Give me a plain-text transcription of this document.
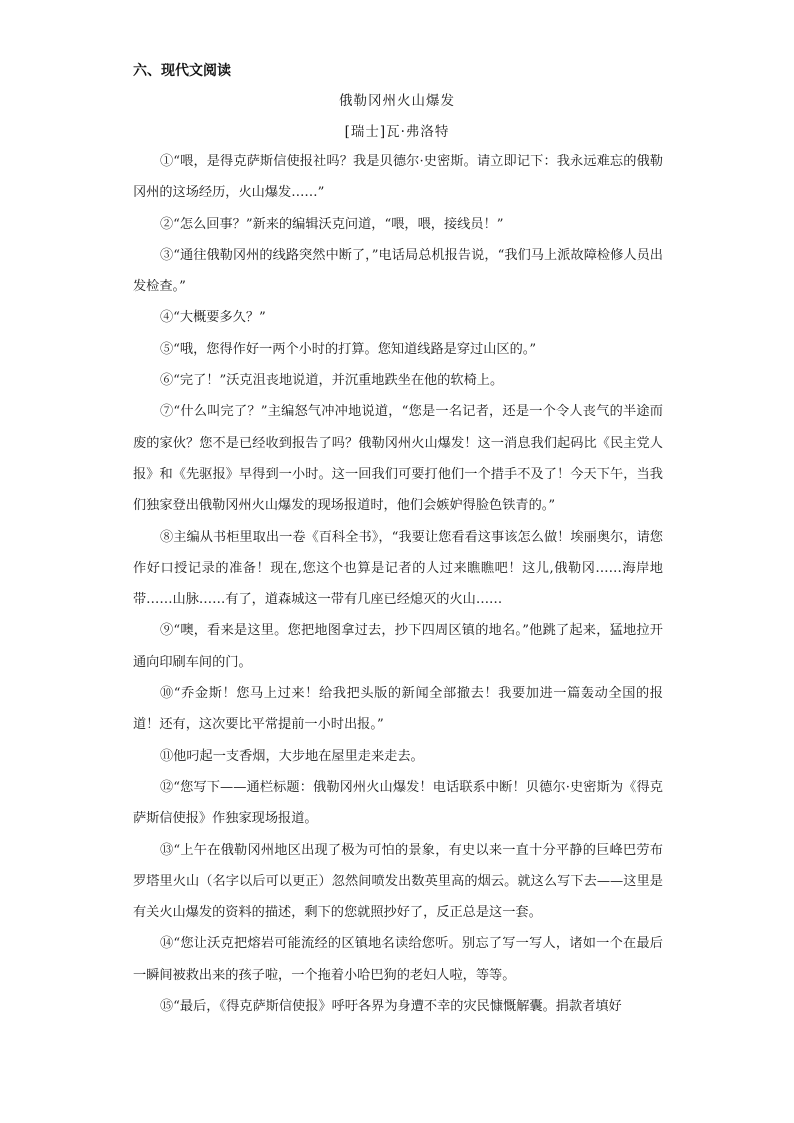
六、现代文阅读
俄勒冈州火山爆发
[瑞士]瓦·弗洛特

①“喂，是得克萨斯信使报社吗？我是贝德尔·史密斯。请立即记下：我永远难忘的俄勒冈州的这场经历，火山爆发……”

②“怎么回事？”新来的编辑沃克问道，“喂，喂，接线员！”

③“通往俄勒冈州的线路突然中断了，”电话局总机报告说，“我们马上派故障检修人员出发检查。”

④“大概要多久？”

⑤“哦，您得作好一两个小时的打算。您知道线路是穿过山区的。”

⑥“完了！”沃克沮丧地说道，并沉重地跌坐在他的软椅上。

⑦“什么叫完了？”主编怒气冲冲地说道，“您是一名记者，还是一个令人丧气的半途而废的家伙？您不是已经收到报告了吗？俄勒冈州火山爆发！这一消息我们起码比《民主党人报》和《先驱报》早得到一小时。这一回我们可要打他们一个措手不及了！今天下午，当我们独家登出俄勒冈州火山爆发的现场报道时，他们会嫉妒得脸色铁青的。”

⑧主编从书柜里取出一卷《百科全书》，“我要让您看看这事该怎么做！埃丽奥尔，请您作好口授记录的准备！现在,您这个也算是记者的人过来瞧瞧吧！这儿,俄勒冈……海岸地带……山脉……有了，道森城这一带有几座已经熄灭的火山……

⑨“噢，看来是这里。您把地图拿过去，抄下四周区镇的地名。”他跳了起来，猛地拉开通向印刷车间的门。

⑩“乔金斯！您马上过来！给我把头版的新闻全部撤去！我要加进一篇轰动全国的报道！还有，这次要比平常提前一小时出报。”

⑪他叼起一支香烟，大步地在屋里走来走去。

⑫“您写下——通栏标题：俄勒冈州火山爆发！电话联系中断！贝德尔·史密斯为《得克萨斯信使报》作独家现场报道。

⑬“上午在俄勒冈州地区出现了极为可怕的景象，有史以来一直十分平静的巨峰巴劳布罗塔里火山（名字以后可以更正）忽然间喷发出数英里高的烟云。就这么写下去——这里是有关火山爆发的资料的描述，剩下的您就照抄好了，反正总是这一套。

⑭“您让沃克把熔岩可能流经的区镇地名读给您听。别忘了写一写人，诸如一个在最后一瞬间被救出来的孩子啦，一个拖着小哈巴狗的老妇人啦，等等。

⑮“最后，《得克萨斯信使报》呼吁各界为身遭不幸的灾民慷慨解囊。捐款者填好
